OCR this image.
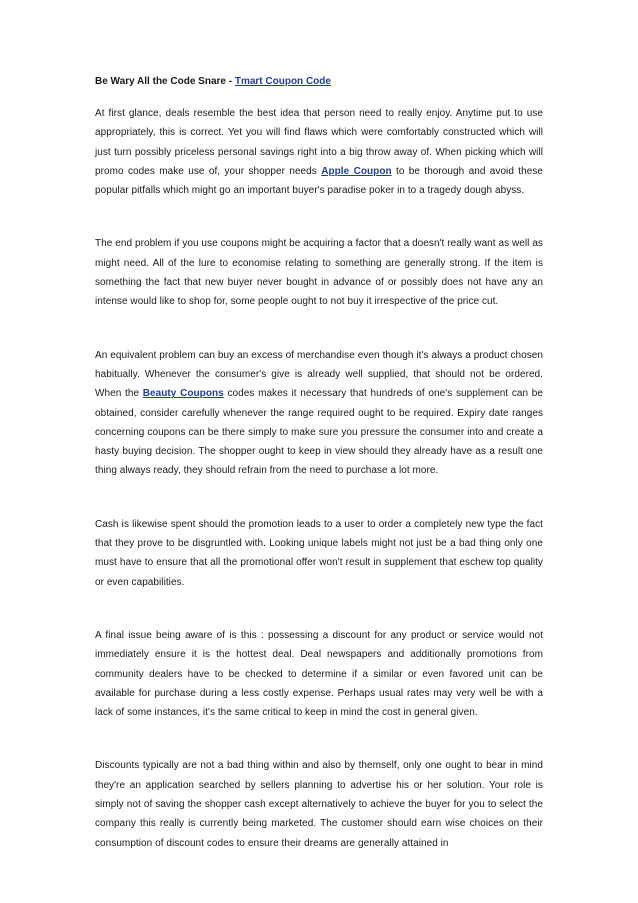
Be Wary All the Code Snare - Tmart Coupon Code

At first glance, deals resemble the best idea that person need to really enjoy. Anytime put to use appropriately, this is correct. Yet you will find flaws which were comfortably constructed which will just turn possibly priceless personal savings right into a big throw away of. When picking which will promo codes make use of, your shopper needs Apple Coupon to be thorough and avoid these popular pitfalls which might go an important buyer's paradise poker in to a tragedy dough abyss.

The end problem if you use coupons might be acquiring a factor that a doesn't really want as well as might need. All of the lure to economise relating to something are generally strong. If the item is something the fact that new buyer never bought in advance of or possibly does not have any an intense would like to shop for, some people ought to not buy it irrespective of the price cut.

An equivalent problem can buy an excess of merchandise even though it's always a product chosen habitually. Whenever the consumer's give is already well supplied, that should not be ordered. When the Beauty Coupons codes makes it necessary that hundreds of one's supplement can be obtained, consider carefully whenever the range required ought to be required. Expiry date ranges concerning coupons can be there simply to make sure you pressure the consumer into and create a hasty buying decision. The shopper ought to keep in view should they already have as a result one thing always ready, they should refrain from the need to purchase a lot more.

Cash is likewise spent should the promotion leads to a user to order a completely new type the fact that they prove to be disgruntled with. Looking unique labels might not just be a bad thing only one must have to ensure that all the promotional offer won't result in supplement that eschew top quality or even capabilities.

A final issue being aware of is this : possessing a discount for any product or service would not immediately ensure it is the hottest deal. Deal newspapers and additionally promotions from community dealers have to be checked to determine if a similar or even favored unit can be available for purchase during a less costly expense. Perhaps usual rates may very well be with a lack of some instances, it's the same critical to keep in mind the cost in general given.

Discounts typically are not a bad thing within and also by themself, only one ought to bear in mind they're an application searched by sellers planning to advertise his or her solution. Your role is simply not of saving the shopper cash except alternatively to achieve the buyer for you to select the company this really is currently being marketed. The customer should earn wise choices on their consumption of discount codes to ensure their dreams are generally attained in
